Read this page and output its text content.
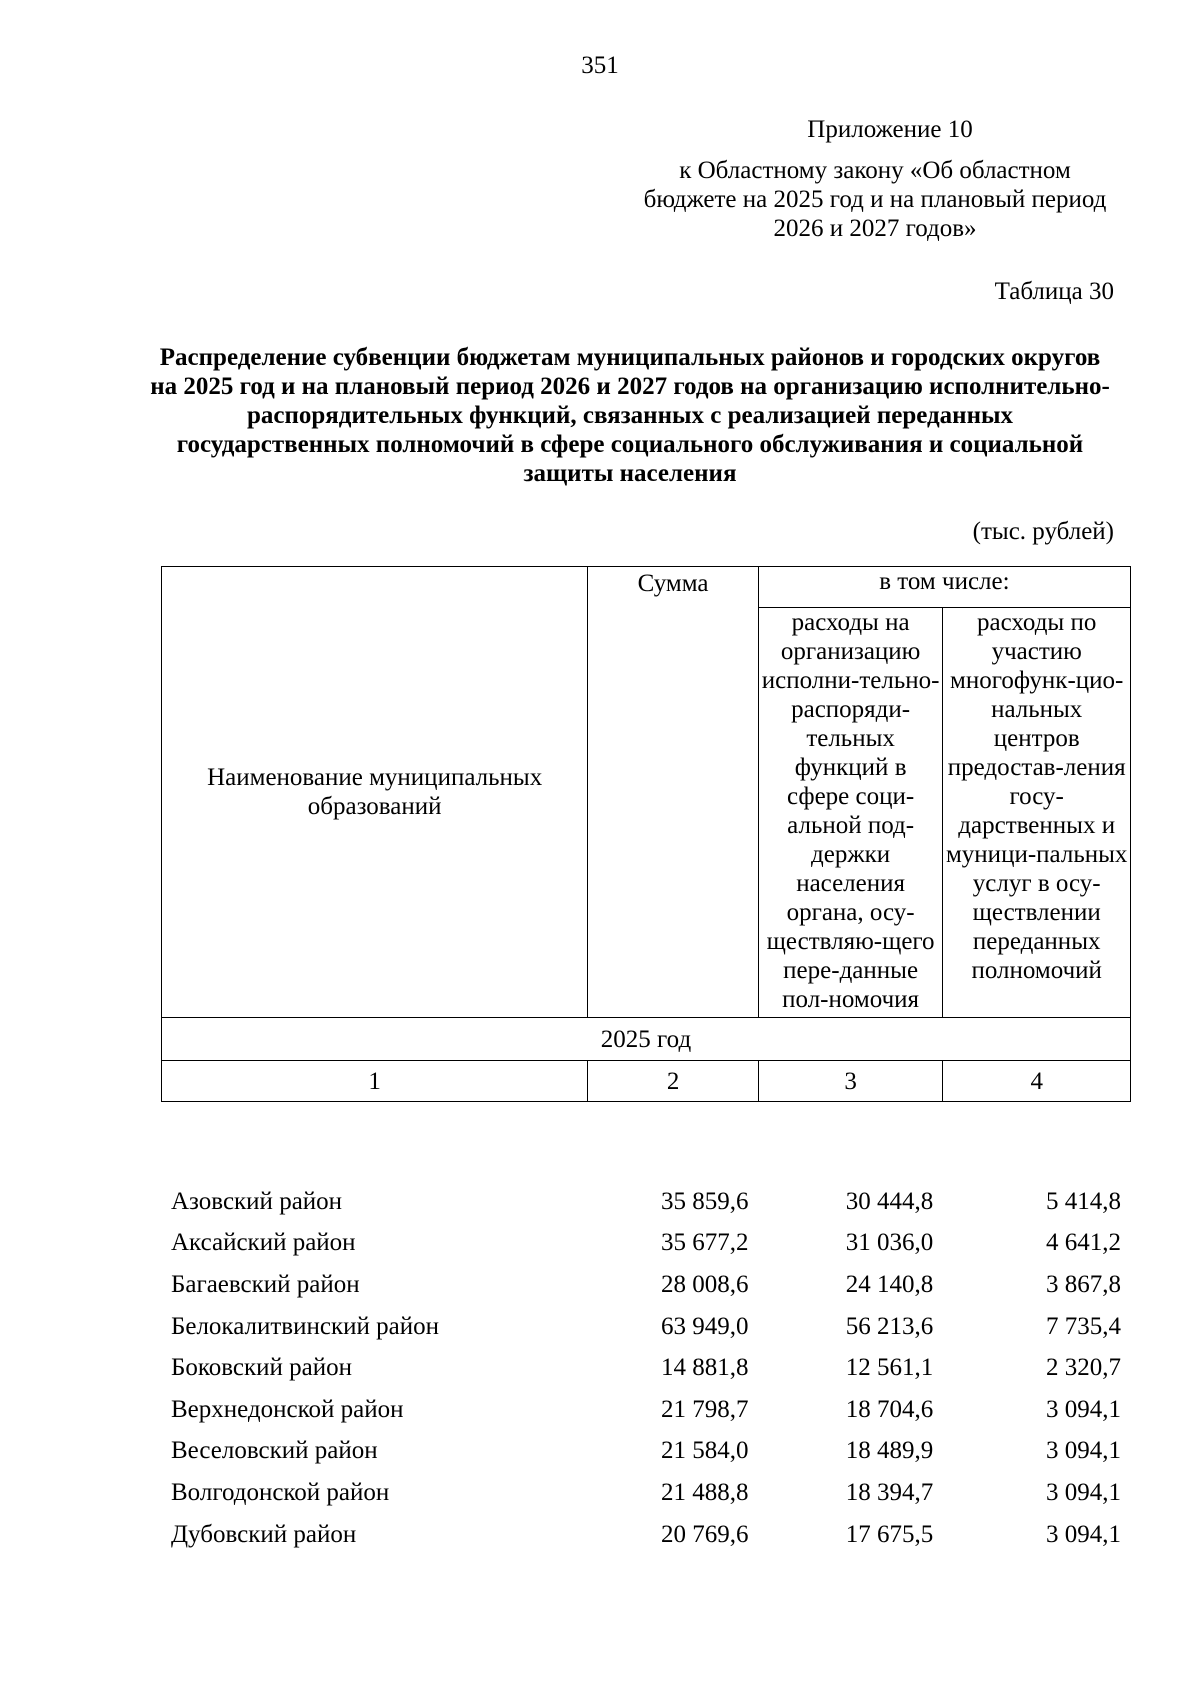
351
Приложение 10
к Областному закону «Об областном бюджете на 2025 год и на плановый период 2026 и 2027 годов»
Таблица 30
Распределение субвенции бюджетам муниципальных районов и городских округов на 2025 год и на плановый период 2026 и 2027 годов на организацию исполнительно-распорядительных функций, связанных с реализацией переданных государственных полномочий в сфере социального обслуживания и социальной защиты населения
(тыс. рублей)
Наименование муниципальных образований	Сумма	в том числе:	
		расходы на организацию исполни-тельно-распоряди-тельных функций в сфере соци-альной под-держки населения органа, осу-ществляю-щего пере-данные пол-номочия	расходы по участию многофунк-цио-нальных центров предостав-ления госу-дарственных и муници-пальных услуг в осу-ществлении переданных полномочий
2025 год			
1	2	3	4
Азовский район	35 859,6	30 444,8	5 414,8
Аксайский район	35 677,2	31 036,0	4 641,2
Багаевский район	28 008,6	24 140,8	3 867,8
Белокалитвинский район	63 949,0	56 213,6	7 735,4
Боковский район	14 881,8	12 561,1	2 320,7
Верхнедонской район	21 798,7	18 704,6	3 094,1
Веселовский район	21 584,0	18 489,9	3 094,1
Волгодонской район	21 488,8	18 394,7	3 094,1
Дубовский район	20 769,6	17 675,5	3 094,1
